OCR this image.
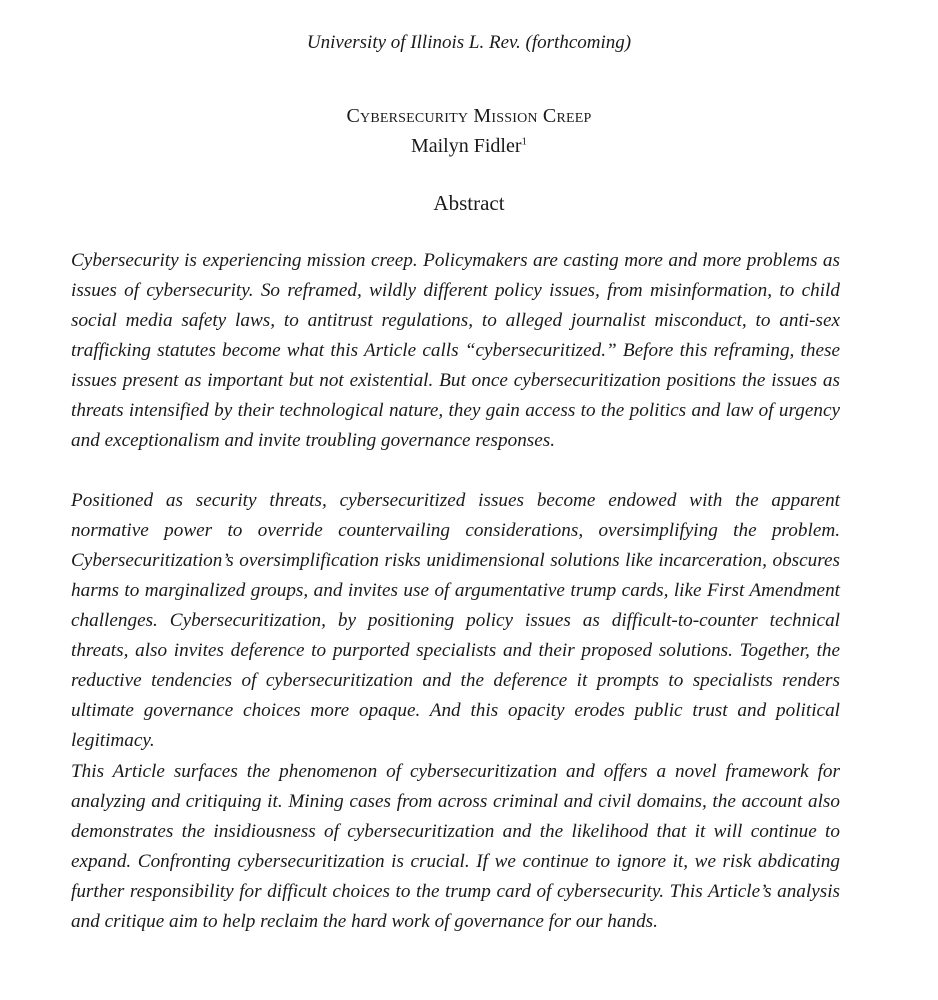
University of Illinois L. Rev. (forthcoming)
Cybersecurity Mission Creep
Mailyn Fidler$^1$
Abstract

Cybersecurity is experiencing mission creep. Policymakers are casting more and more problems as issues of cybersecurity. So reframed, wildly different policy issues, from misinformation, to child social media safety laws, to antitrust regulations, to alleged journalist misconduct, to anti-sex trafficking statutes become what this Article calls “cybersecuritized.” Before this reframing, these issues present as important but not existential. But once cybersecuritization positions the issues as threats intensified by their technological nature, they gain access to the politics and law of urgency and exceptionalism and invite troubling governance responses.

Positioned as security threats, cybersecuritized issues become endowed with the apparent normative power to override countervailing considerations, oversimplifying the problem. Cybersecuritization’s oversimplification risks unidimensional solutions like incarceration, obscures harms to marginalized groups, and invites use of argumentative trump cards, like First Amendment challenges. Cybersecuritization, by positioning policy issues as difficult-to-counter technical threats, also invites deference to purported specialists and their proposed solutions. Together, the reductive tendencies of cybersecuritization and the deference it prompts to specialists renders ultimate governance choices more opaque. And this opacity erodes public trust and political legitimacy.

This Article surfaces the phenomenon of cybersecuritization and offers a novel framework for analyzing and critiquing it. Mining cases from across criminal and civil domains, the account also demonstrates the insidiousness of cybersecuritization and the likelihood that it will continue to expand. Confronting cybersecuritization is crucial. If we continue to ignore it, we risk abdicating further responsibility for difficult choices to the trump card of cybersecurity. This Article’s analysis and critique aim to help reclaim the hard work of governance for our hands.
